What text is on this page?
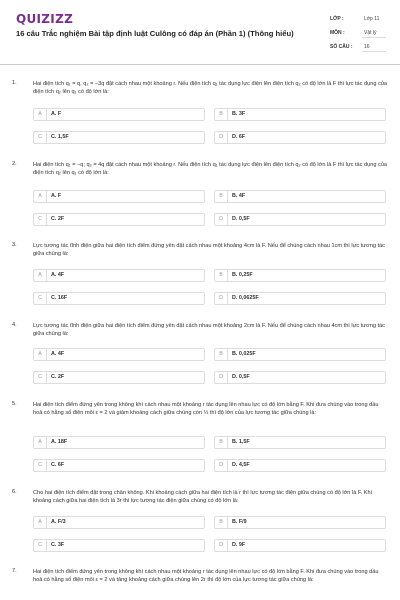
QUIZIZZ
16 câu Trắc nghiệm Bài tập định luật Culông có đáp án (Phần 1) (Thông hiểu)
LỚP :	Lớp 11
MÔN :	Vật lý
SỐ CÂU : 16
1.	Hai điện tích q₁ = q, q₂ = −3q đặt cách nhau một khoảng r. Nếu điện tích q₁ tác dụng lực điện lên điện tích q₂ có độ lớn là F thì lực tác dụng của điện tích q₂ lên q₁ có độ lớn là:
A	A. F	B	B. 3F
C	C. 1,5F	D	D. 6F
2.	Hai điện tích q₁ = −q; q₂ = 4q đặt cách nhau một khoảng r. Nếu điện tích q₁ tác dụng lực điện lên điện tích q₂ có độ lớn là F thì lực tác dụng của điện tích q₂ lên q₁ có độ lớn là:
A	A. F	B	B. 4F
C	C. 2F	D	D. 0,5F
3.	Lực tương tác tĩnh điện giữa hai điện tích điểm đứng yên đặt cách nhau một khoảng 4cm là F. Nếu để chúng cách nhau 1cm thì lực tương tác giữa chúng là:
A	A. 4F	B	B. 0,25F
C	C. 16F	D	D. 0,0625F
4.	Lực tương tác tĩnh điện giữa hai điện tích điểm đứng yên đặt cách nhau một khoảng 2cm là F. Nếu để chúng cách nhau 4cm thì lực tương tác giữa chúng là:
A	A. 4F	B	B. 0,025F
C	C. 2F	D	D. 0,5F
5.	Hai điện tích điểm đứng yên trong không khí cách nhau một khoảng r tác dụng lên nhau lực có độ lớn bằng F. Khi đưa chúng vào trong dầu hoả có hằng số điện môi ε = 2 và giảm khoảng cách giữa chúng còn ⅓ thì độ lớn của lực tương tác giữa chúng là:
A	A. 18F	B	B. 1,5F
C	C. 6F	D	D. 4,5F
6.	Cho hai điện tích điểm đặt trong chân không. Khi khoảng cách giữa hai điện tích là r thì lực tương tác điện giữa chúng có độ lớn là F. Khi khoảng cách giữa hai điện tích là 3r thì lực tương tác điện giữa chúng có độ lớn là:
A	A. F/3	B	B. F/9
C	C. 3F	D	D. 9F
7.	Hai điện tích điểm đứng yên trong không khí cách nhau một khoảng r tác dụng lên nhau lực có độ lớn bằng F. Khi đưa chúng vào trong dầu hoả có hằng số điện môi ε = 2 và tăng khoảng cách giữa chúng lên 2r thì độ lớn của lực tương tác giữa chúng là:
